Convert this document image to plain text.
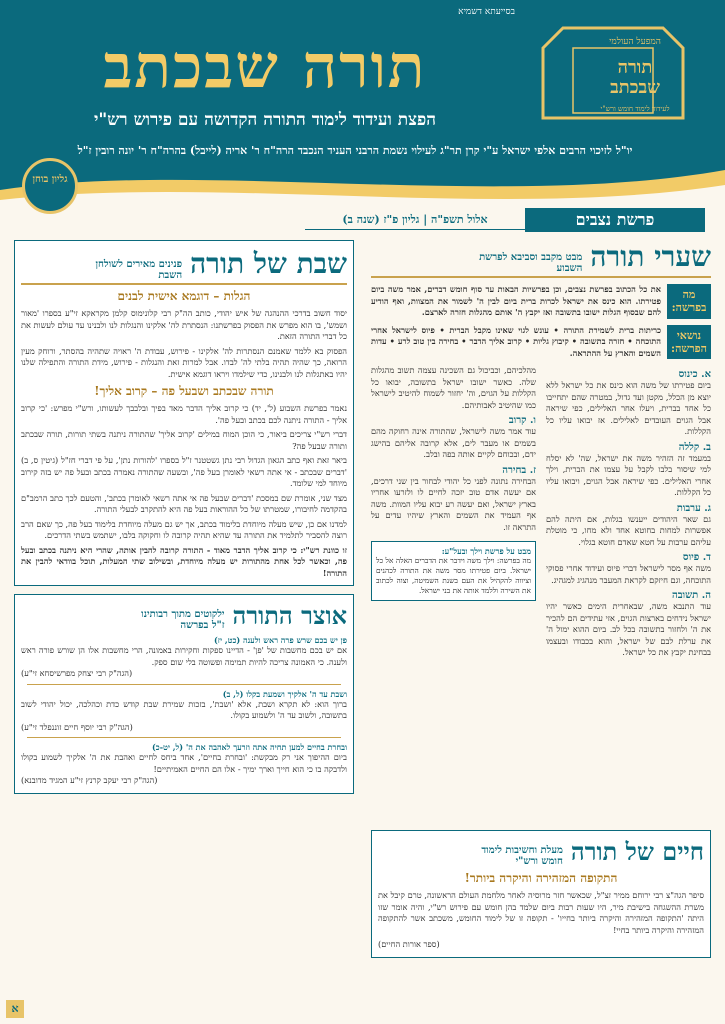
בסייעתא דשמיא
תורה שבכתב
הפצת ועידוד לימוד התורה הקדושה עם פירוש רש"י
יו"ל לזיכוי הרבים אלפי ישראל ע"י קרן תר"ג לעילוי נשמת הרבני העניד הנכבד הרה"ח ר' אריה (לייבל) בהרה"ח ר' יונה רובין ז"ל
המפעל העולמי
תורה
שבכתב
לעידוד לימוד חומש ורש"י
גליון בוחן
פרשת נצבים
אלול תשפ"ה | גליון פ"ז (שנה ב)
שערי תורה
מבט מקבב וסביבא לפרשת השבוע
מה בפרשה:
את כל הכתוב בפרשת נצבים, וכן בפרשיות הבאות עד סוף חומש דברים, אמר משה ביום פטירתו. הוא כינס את ישראל לכרות ברית ביום לבין ה' לשמור את המצוות, ואף הודיע להם שבסוף הגלות ישובו בתשובה ואז יקבץ ה' אותם מהגלות חזרה לארצם.
נושאי הפרשה:
כריתות ברית לשמירת התורה • עונש לגוי שאינו מקבל הברית • פיוס לישראל אחרי התוכחה • חזרה בתשובה • קיבוץ גליות • קרוב אליך הדבר • בחירה בין טוב לרע • עדות השמים והארץ על ההתראה.
א. כינוס
ביום פטירתו של משה הוא כינס את כל ישראל ללא יוצא מן הכלל, מקטן ועד גדול, במטרה שהם יתחייבו כל אחד בברית, ויעלו אחר האלילים, כפי שיראה אבל הגוים העובדים לאלילים. אז יבואו עליו כל הקללות.
ב. קללה
במעמד זה הזהיר משה את ישראל, שה' לא יסלח למי שיסור בלבו לקבל על עצמו את הברית, וילך אחרי האלילים. כפי שיראה אבל הגוים, ויבואו עליו כל הקללות.
ג. ערבות
גם שאר היהודים ייענשו בגלות, אם היתה להם אפשרות למחות בחוטא אחד ולא מחו, כי מוטלת עליהם ערבות על חטא שאדם חוטא בגלוי.
ד. פיוס
משה אף מסר לישראל דברי פיוס ועידוד אחרי פסוקי התוכחה, וגם חיזקם לקראת המעבר מנהגיג למגהיג.
ה. תשובה
עוד התנבא משה, שבאחרית הימים כאשר יהיו ישראל נידחים בארצות הגוים, אזי עתידים הם להכיר את ה' ולחזור בתשובה בכל לב. ביום ההוא ימול ה' את ערלת לבם של ישראל, והוא בכבודו ובעצמו בבחינת יקבץ את כל ישראל.
מהלכיהם, וכביכול גם השכינה עצמה תשוב מהגלות שלה. כאשר ישובו ישראל בתשובה, יבואו כל הקללות על הגוים, וה' יחזור לשמוח להיטיב לישראל כמו שהיטיב לאבותיהם.
ו. קרוב
עוד אמר משה לישראל, שהתורה אינה רחוקה מהם בשמים או מעבר לים, אלא קרובה אליהם בהישג ידם, ובכוחם לקיים אותה בפה ובלב.
ז. בחירה
הבחירה נתונה לפני כל יהודי לבחור בין שני דרכים, אם יעשה אדם טוב יזכה לחיים לו ולזרעו אחריו בארץ ישראל, ואם יעשה רע יבוא עליו המוות. משה אף העמיד את השמים והארץ שיהיו עדים על התראה זו.
מבט על פרשת וילך ובעל"ע:
מה בפרשה: וילך משה וידבר את הדברים האלה אל כל ישראל. ביום פטירתו מסר משה את התורה לכהנים וציווה להקהיל את העם בשנת השמיטה, וצוה לכתוב את השירה וללמד אותה את בני ישראל.
שבת של תורה
פנינים מאירים לשולחן השבת
הגלות – דוגמא אישית לבנים
יסוד חשוב בדרכי ההנהגה של איש יהודי, כותב הה"ק רבי קלונימוס קלמן מקראקא זי"ע בספרו 'מאור ושמש', בו הוא מפרש את הפסוק בפרשתנו: הנסתרת לה' אלקינו והנגלות לנו ולבנינו עד עולם לעשות את כל דברי התורה הזאת.
הפסוק בא ללמד שאמנם הנסתרות לה' אלקינו - פירוש, עבודת ה' ראויה שתהיה בהסתר, ורוחק מעין הרואה, כך שהיה תהיה בלתי לה' לבדו. אבל למרות זאת והנגלות - פירוש, מידת התורה והתפילה שלנו יהיו באתגלות לנו ולבנינו, כדי שילמדו ויראו דוגמא אישית.
תורה שבכתב ושבעל פה – קרוב אליך!
נאמר בפרשת השבוע (ל', יד) כי קרוב אליך הדבר מאד בפיך ובלבבך לעשותו, ורש"י מפרש: 'כי קרוב אליך - התורה ניתנה לכם בכתב ובעל פה'.
דברי רש"י צריכים ביאור, כי הוכן המוח במילים 'קרוב אליך' שהתורה ניתנה בשתי תורות, תורה שבכתב ותורה שבעל פה?
ביאר זאת ואף כתב הגאון הגדול רבי נתן גשטטנר ז"ל בספרו 'להורות נתן', על פי דברי חז"ל (גיטין ס, ב) 'דברים שבכתב - אי אתה רשאי לאומרן בעל פה', ובשעה שהתורה נאמרה בכתב ובעל פה יש בזה קירוב מיוחד למי שלומד.
מצד שני, אומרת שם במסכת 'דברים שבעל פה אי אתה רשאי לאומרן בכתב', והטעם לכך כתב הרמב"ם בהקדמה לחיבורו, שמטרתו של כל ההוראות בעל פה היא להתקרב לבעלי התורה.
למדנו אם כן, שיש מעלה מיוחדת בלימוד בכתב, אך יש גם מעלה מיוחדת בלימוד בעל פה, כך שאם הרב רוצה להסביר לתלמיד את התורה עד שהיא תהיה קרובה לו וחקוקה בלבו, ישתמש בשתי הדרכים.
זו כוונת רש"י: כי קרוב אליך הדבר מאוד - התורה קרובה להבין אותה, שהרי היא ניתנה בכתב ובעל פה, וכאשר לכל אחת מהתורות יש מעלה מיוחדת, ובשילוב שתי המעלות, תוכל בוודאי להבין את התורה!
אוצר התורה
ילקוטים מתוך רבותינו ז"ל בפרשה
פן יש בכם שרש פרה ראש ולענה (כט, יז)
אם יש בכם מחשבות של 'פן' - הדיינו ספקות וחקירות באמונה, הרי מחשבות אלו הן שורש פורה ראש ולענה. כי האמונה צריכה להיות תמימה ופשוטה בלי שום ספק.
(הגה"ק רבי יצחק מפרשיסחא זי"ע)
ושבת עד ה' אלקיך ושמעת בקלו (ל, ב)
ברוך הוא: לא תקרא ושבת, אלא 'ושבת', בזכות שמירת שבת קודש כדת וכהלכה, יכול יהודי לשוב בתשובה, ולשוב עד ה' ולשמוע בקולו.
(הגה"ק רבי יוסף חיים זוננפלד זי"ע)
ובחרת בחיים למען תחיה אתה וזרעך לאהבה את ה' (ל, יט-כ)
ביום ההיפוך אני רק מבקשת: 'ובחרת בחיים', אחד ביחס לחיים ואהבת את ה' אלקיך לשמוע בקולו ולדבקה בו כי הוא חייך וארך ימיך - אלו הם החיים האמיתיים!
(הגה"ק רבי יעקב קרנץ זי"ע המגיד מדובנא)
חיים של תורה
מעלת וחשיבות לימוד חומש ורש"י
התקופה המזהירה והיקרה ביותר!
סיפר הגה"צ רבי ירוחם ממיר זצ"ל, שכאשר חזר מרוסיה לאחר מלחמת העולם הראשונה, טרם קיבל את משרת ההשגחה בישיבת מיר, היו שעות רבות ביום שלמד בהן חומש עם פירוש רש"י, והיה אומר שזו היתה 'התקופה המזהירה והיקרה ביותר בחייו' - תקופה זו של לימוד החומש, משכתב אשר להתקופה המזהירה והיקרה ביותר בחיי!
(ספר אורות החיים)
א
